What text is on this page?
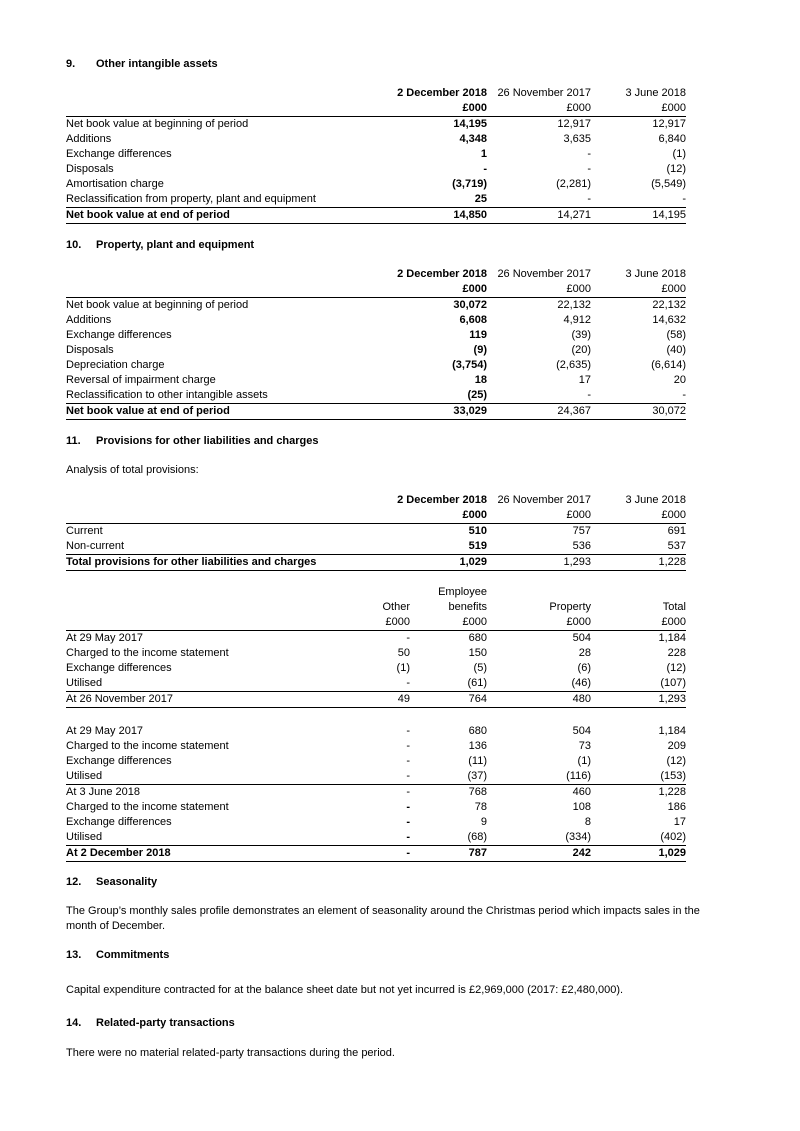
9. Other intangible assets
	2 December 2018	26 November 2017	3 June 2018
	£000	£000	£000
Net book value at beginning of period	14,195	12,917	12,917
Additions	4,348	3,635	6,840
Exchange differences	1	-	(1)
Disposals	-	-	(12)
Amortisation charge	(3,719)	(2,281)	(5,549)
Reclassification from property, plant and equipment	25	-	-
Net book value at end of period	14,850	14,271	14,195
10. Property, plant and equipment
	2 December 2018	26 November 2017	3 June 2018
	£000	£000	£000
Net book value at beginning of period	30,072	22,132	22,132
Additions	6,608	4,912	14,632
Exchange differences	119	(39)	(58)
Disposals	(9)	(20)	(40)
Depreciation charge	(3,754)	(2,635)	(6,614)
Reversal of impairment charge	18	17	20
Reclassification to other intangible assets	(25)	-	-
Net book value at end of period	33,029	24,367	30,072
11. Provisions for other liabilities and charges
Analysis of total provisions:
	2 December 2018	26 November 2017	3 June 2018
	£000	£000	£000
Current	510	757	691
Non-current	519	536	537
Total provisions for other liabilities and charges	1,029	1,293	1,228
		Employee		
	Other	benefits	Property	Total
	£000	£000	£000	£000
At 29 May 2017	-	680	504	1,184
Charged to the income statement	50	150	28	228
Exchange differences	(1)	(5)	(6)	(12)
Utilised	-	(61)	(46)	(107)
At 26 November 2017	49	764	480	1,293

At 29 May 2017	-	680	504	1,184
Charged to the income statement	-	136	73	209
Exchange differences	-	(11)	(1)	(12)
Utilised	-	(37)	(116)	(153)
At 3 June 2018	-	768	460	1,228
Charged to the income statement	-	78	108	186
Exchange differences	-	9	8	17
Utilised	-	(68)	(334)	(402)
At 2 December 2018	-	787	242	1,029
12. Seasonality
The Group’s monthly sales profile demonstrates an element of seasonality around the Christmas period which impacts sales in the month of December.
13. Commitments
Capital expenditure contracted for at the balance sheet date but not yet incurred is £2,969,000 (2017: £2,480,000).
14. Related-party transactions
There were no material related-party transactions during the period.
